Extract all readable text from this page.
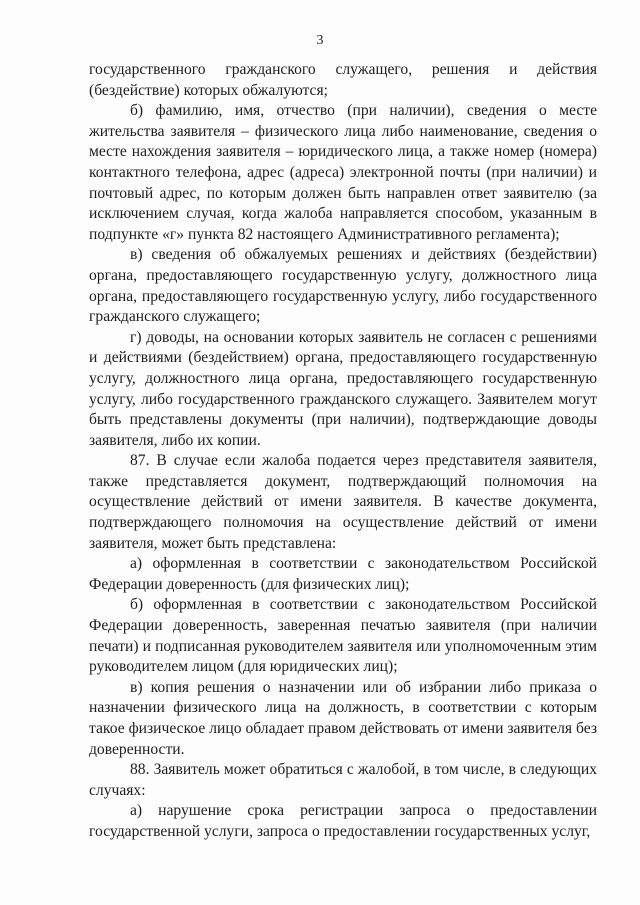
3

государственного гражданского служащего, решения и действия (бездействие) которых обжалуются;

б) фамилию, имя, отчество (при наличии), сведения о месте жительства заявителя – физического лица либо наименование, сведения о месте нахождения заявителя – юридического лица, а также номер (номера) контактного телефона, адрес (адреса) электронной почты (при наличии) и почтовый адрес, по которым должен быть направлен ответ заявителю (за исключением случая, когда жалоба направляется способом, указанным в подпункте «г» пункта 82 настоящего Административного регламента);

в) сведения об обжалуемых решениях и действиях (бездействии) органа, предоставляющего государственную услугу, должностного лица органа, предоставляющего государственную услугу, либо государственного гражданского служащего;

г) доводы, на основании которых заявитель не согласен с решениями и действиями (бездействием) органа, предоставляющего государственную услугу, должностного лица органа, предоставляющего государственную услугу, либо государственного гражданского служащего. Заявителем могут быть представлены документы (при наличии), подтверждающие доводы заявителя, либо их копии.

87. В случае если жалоба подается через представителя заявителя, также представляется документ, подтверждающий полномочия на осуществление действий от имени заявителя. В качестве документа, подтверждающего полномочия на осуществление действий от имени заявителя, может быть представлена:

а) оформленная в соответствии с законодательством Российской Федерации доверенность (для физических лиц);

б) оформленная в соответствии с законодательством Российской Федерации доверенность, заверенная печатью заявителя (при наличии печати) и подписанная руководителем заявителя или уполномоченным этим руководителем лицом (для юридических лиц);

в) копия решения о назначении или об избрании либо приказа о назначении физического лица на должность, в соответствии с которым такое физическое лицо обладает правом действовать от имени заявителя без доверенности.

88. Заявитель может обратиться с жалобой, в том числе, в следующих случаях:

а) нарушение срока регистрации запроса о предоставлении государственной услуги, запроса о предоставлении государственных услуг,
